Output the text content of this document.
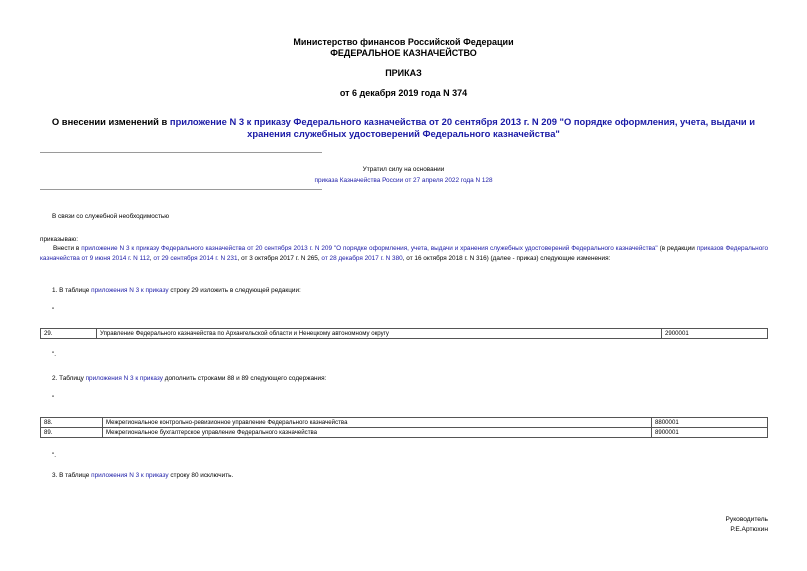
Министерство финансов Российской Федерации
ФЕДЕРАЛЬНОЕ КАЗНАЧЕЙСТВО
ПРИКАЗ
от 6 декабря 2019 года N 374
О внесении изменений в приложение N 3 к приказу Федерального казначейства от 20 сентября 2013 г. N 209 "О порядке оформления, учета, выдачи и хранения служебных удостоверений Федерального казначейства"
Утратил силу на основании
приказа Казначейства России от 27 апреля 2022 года N 128
В связи со служебной необходимостью
приказываю:
Внести в приложение N 3 к приказу Федерального казначейства от 20 сентября 2013 г. N 209 "О порядке оформления, учета, выдачи и хранения служебных удостоверений Федерального казначейства" (в редакции приказов Федерального казначейства от 9 июня 2014 г. N 112, от 29 сентября 2014 г. N 231, от 3 октября 2017 г. N 265, от 28 декабря 2017 г. N 380, от 16 октября 2018 г. N 316) (далее - приказ) следующие изменения:
1. В таблице приложения N 3 к приказу строку 29 изложить в следующей редакции:
"
29.	Управление Федерального казначейства по Архангельской области и Ненецкому автономному округу	2900001
".
2. Таблицу приложения N 3 к приказу дополнить строками 88 и 89 следующего содержания:
"
88.	Межрегиональное контрольно-ревизионное управление Федерального казначейства	8800001
89.	Межрегиональное бухгалтерское управление Федерального казначейства	8900001
".
3. В таблице приложения N 3 к приказу строку 80 исключить.
Руководитель
Р.Е.Артюхин
